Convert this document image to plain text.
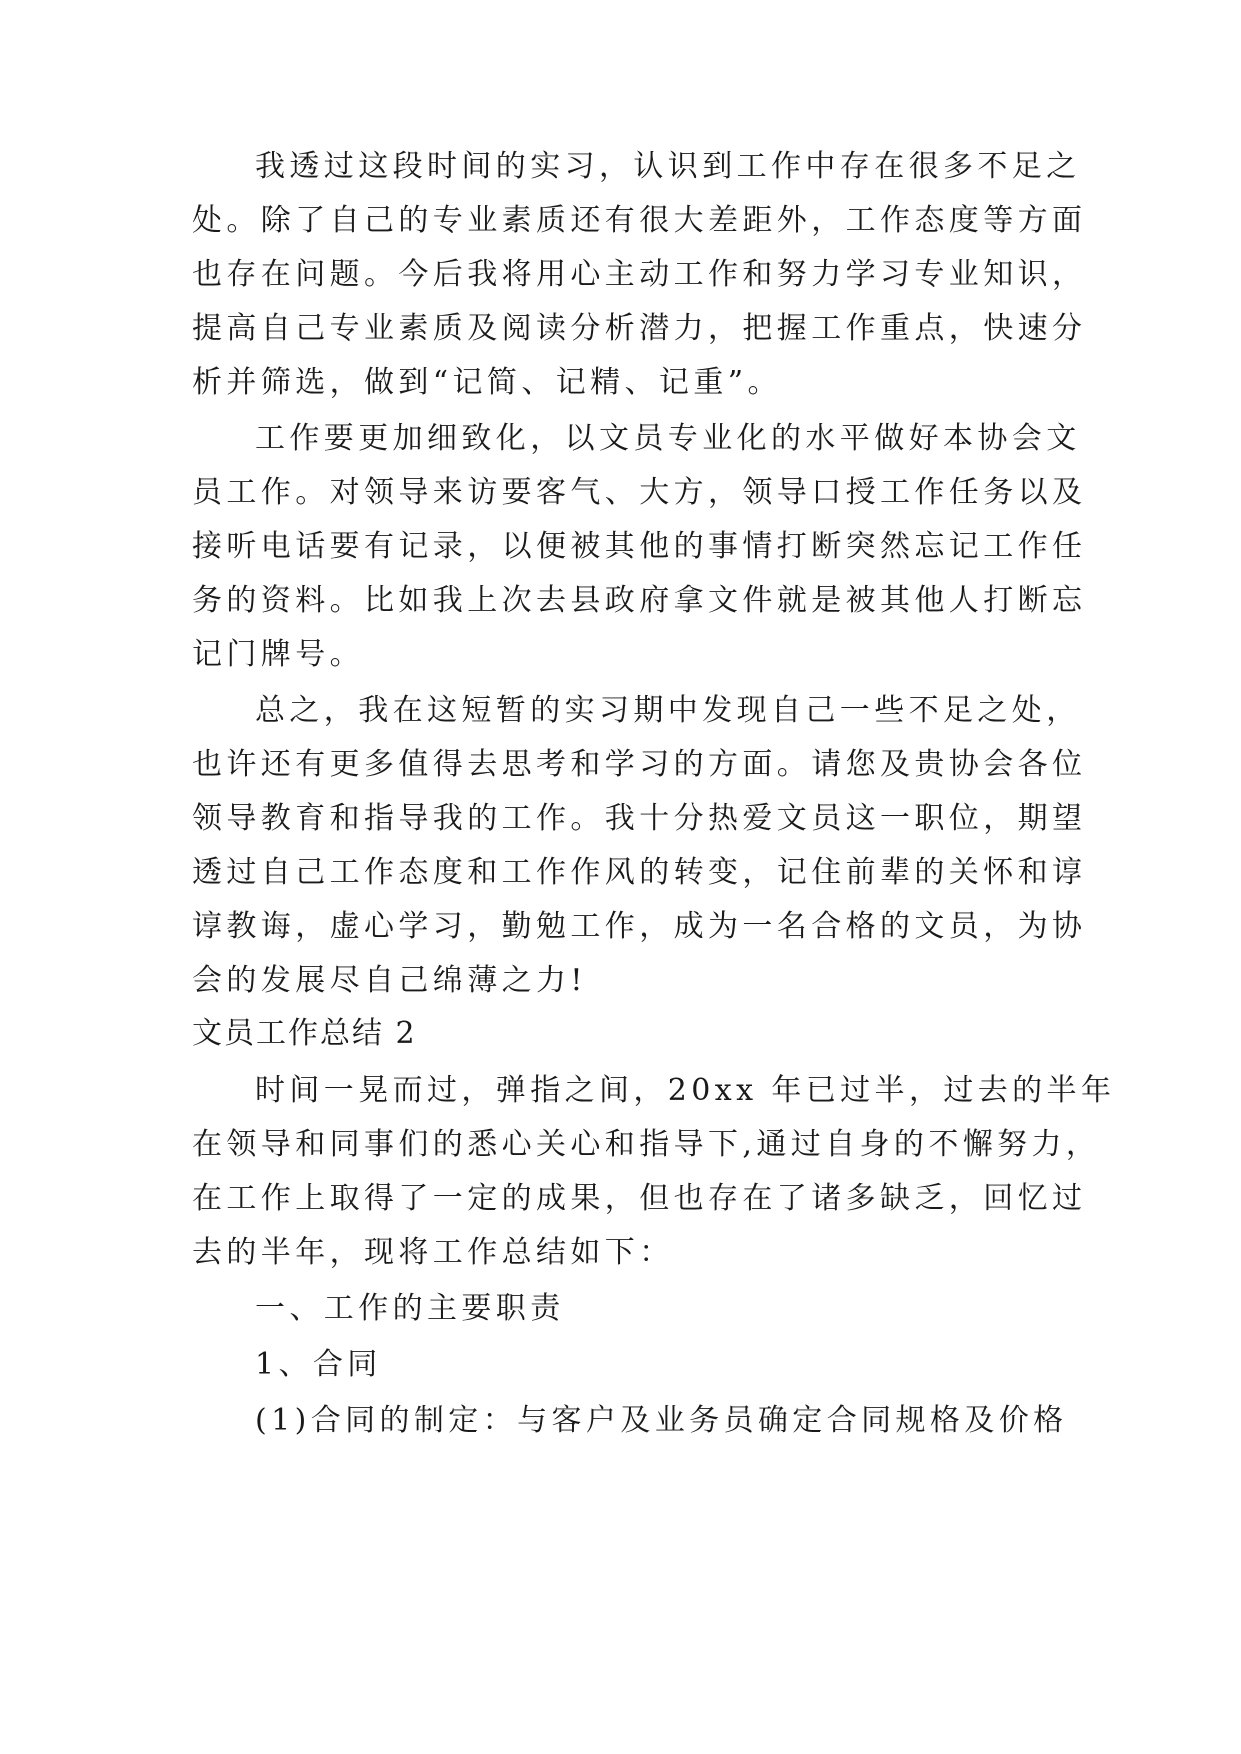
我透过这段时间的实习，认识到工作中存在很多不足之
处。除了自己的专业素质还有很大差距外，工作态度等方面
也存在问题。今后我将用心主动工作和努力学习专业知识，
提高自己专业素质及阅读分析潜力，把握工作重点，快速分
析并筛选，做到“记简、记精、记重”。
工作要更加细致化，以文员专业化的水平做好本协会文
员工作。对领导来访要客气、大方，领导口授工作任务以及
接听电话要有记录，以便被其他的事情打断突然忘记工作任
务的资料。比如我上次去县政府拿文件就是被其他人打断忘
记门牌号。
总之，我在这短暂的实习期中发现自己一些不足之处，
也许还有更多值得去思考和学习的方面。请您及贵协会各位
领导教育和指导我的工作。我十分热爱文员这一职位，期望
透过自己工作态度和工作作风的转变，记住前辈的关怀和谆
谆教诲，虚心学习，勤勉工作，成为一名合格的文员，为协
会的发展尽自己绵薄之力!
文员工作总结 2
时间一晃而过，弹指之间，20xx 年已过半，过去的半年
在领导和同事们的悉心关心和指导下,通过自身的不懈努力，
在工作上取得了一定的成果，但也存在了诸多缺乏，回忆过
去的半年，现将工作总结如下：
一、工作的主要职责
1、合同
(1)合同的制定：与客户及业务员确定合同规格及价格
